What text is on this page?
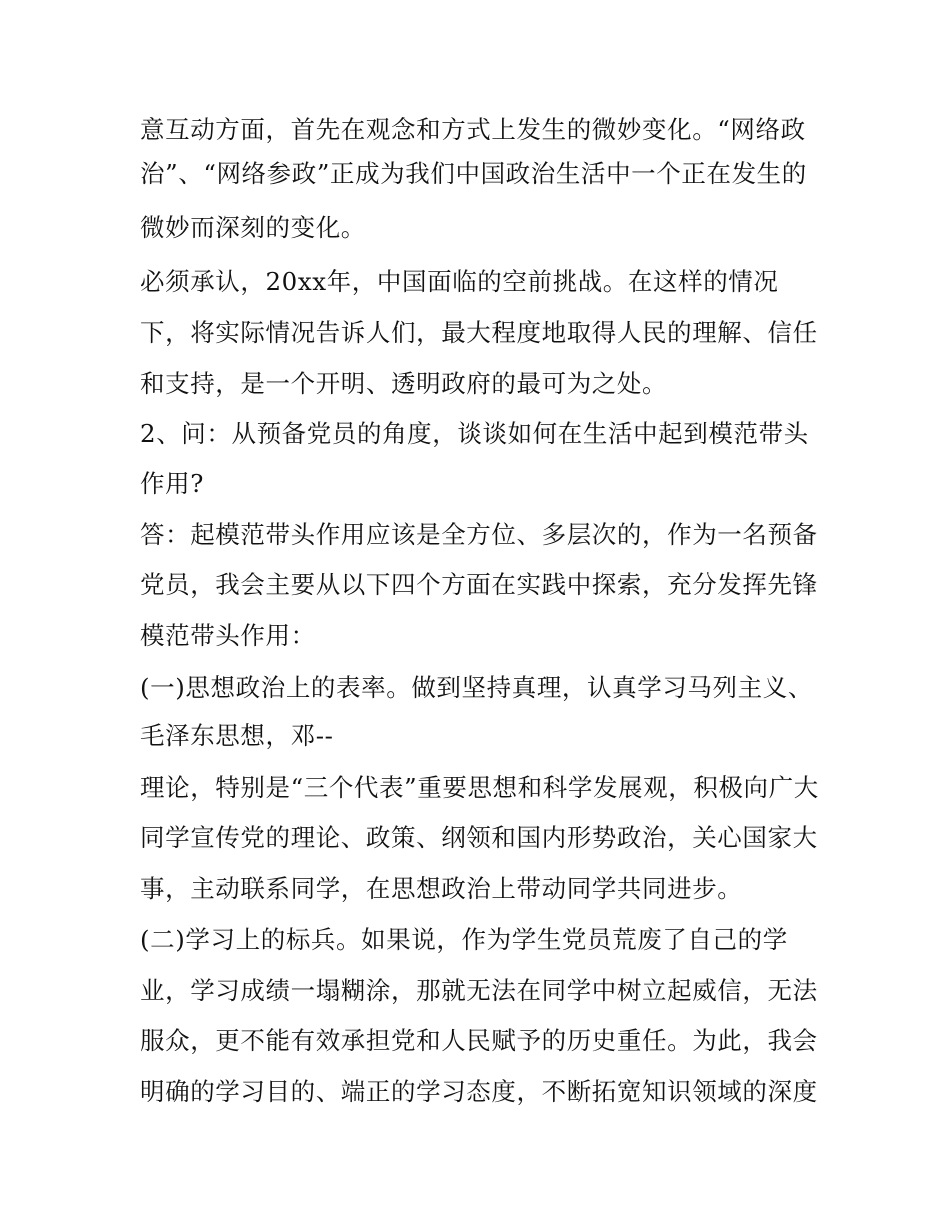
意互动方面，首先在观念和方式上发生的微妙变化。“网络政
治”、“网络参政”正成为我们中国政治生活中一个正在发生的
微妙而深刻的变化。
必须承认，20xx年，中国面临的空前挑战。在这样的情况
下，将实际情况告诉人们，最大程度地取得人民的理解、信任
和支持，是一个开明、透明政府的最可为之处。
2、问：从预备党员的角度，谈谈如何在生活中起到模范带头
作用?
答：起模范带头作用应该是全方位、多层次的，作为一名预备
党员，我会主要从以下四个方面在实践中探索，充分发挥先锋
模范带头作用：
(一)思想政治上的表率。做到坚持真理，认真学习马列主义、
毛泽东思想，邓--
理论，特别是“三个代表”重要思想和科学发展观，积极向广大
同学宣传党的理论、政策、纲领和国内形势政治，关心国家大
事，主动联系同学，在思想政治上带动同学共同进步。
(二)学习上的标兵。如果说，作为学生党员荒废了自己的学
业，学习成绩一塌糊涂，那就无法在同学中树立起威信，无法
服众，更不能有效承担党和人民赋予的历史重任。为此，我会
明确的学习目的、端正的学习态度，不断拓宽知识领域的深度
